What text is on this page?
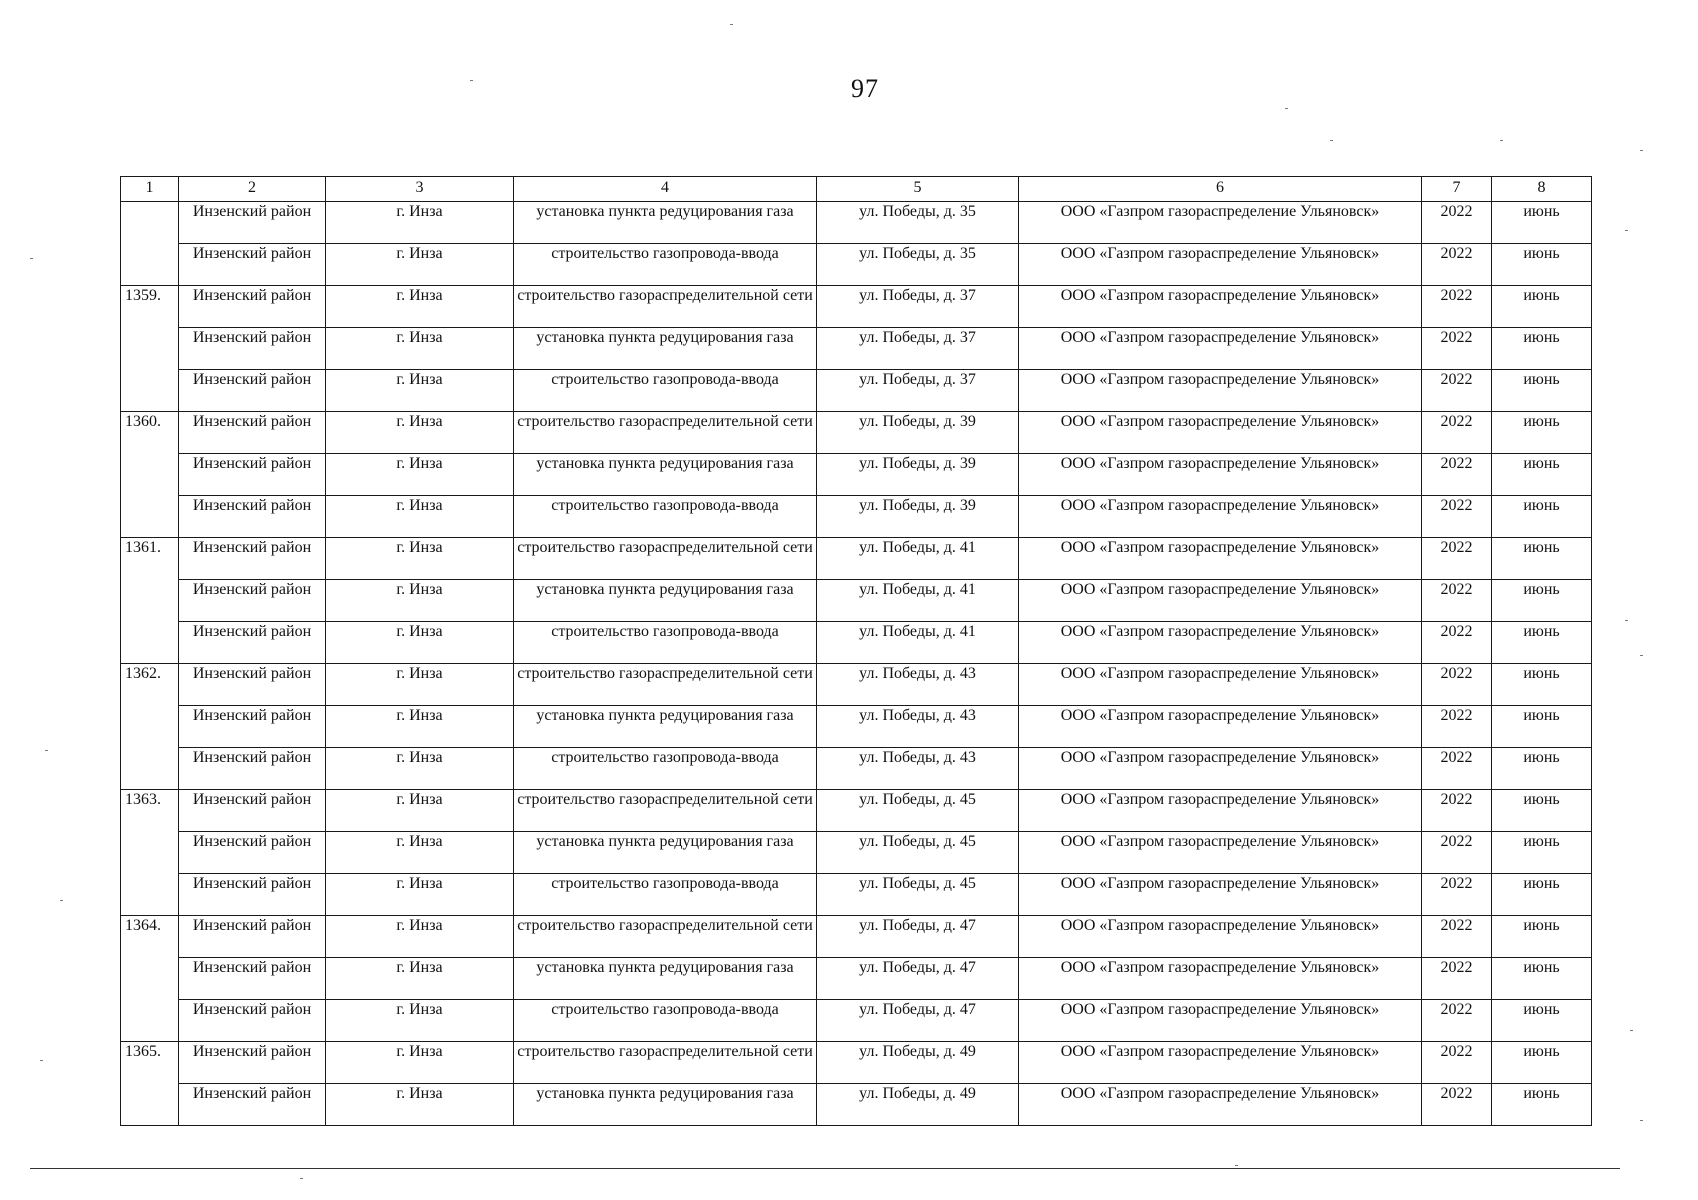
97
1	2	3	4	5	6	7	8
	Инзенский район	г. Инза	установка пункта редуцирования газа	ул. Победы, д. 35	ООО «Газпром газораспределение Ульяновск»	2022	июнь
	Инзенский район	г. Инза	строительство газопровода-ввода	ул. Победы, д. 35	ООО «Газпром газораспределение Ульяновск»	2022	июнь
1359.	Инзенский район	г. Инза	строительство газораспределительной сети	ул. Победы, д. 37	ООО «Газпром газораспределение Ульяновск»	2022	июнь
	Инзенский район	г. Инза	установка пункта редуцирования газа	ул. Победы, д. 37	ООО «Газпром газораспределение Ульяновск»	2022	июнь
	Инзенский район	г. Инза	строительство газопровода-ввода	ул. Победы, д. 37	ООО «Газпром газораспределение Ульяновск»	2022	июнь
1360.	Инзенский район	г. Инза	строительство газораспределительной сети	ул. Победы, д. 39	ООО «Газпром газораспределение Ульяновск»	2022	июнь
	Инзенский район	г. Инза	установка пункта редуцирования газа	ул. Победы, д. 39	ООО «Газпром газораспределение Ульяновск»	2022	июнь
	Инзенский район	г. Инза	строительство газопровода-ввода	ул. Победы, д. 39	ООО «Газпром газораспределение Ульяновск»	2022	июнь
1361.	Инзенский район	г. Инза	строительство газораспределительной сети	ул. Победы, д. 41	ООО «Газпром газораспределение Ульяновск»	2022	июнь
	Инзенский район	г. Инза	установка пункта редуцирования газа	ул. Победы, д. 41	ООО «Газпром газораспределение Ульяновск»	2022	июнь
	Инзенский район	г. Инза	строительство газопровода-ввода	ул. Победы, д. 41	ООО «Газпром газораспределение Ульяновск»	2022	июнь
1362.	Инзенский район	г. Инза	строительство газораспределительной сети	ул. Победы, д. 43	ООО «Газпром газораспределение Ульяновск»	2022	июнь
	Инзенский район	г. Инза	установка пункта редуцирования газа	ул. Победы, д. 43	ООО «Газпром газораспределение Ульяновск»	2022	июнь
	Инзенский район	г. Инза	строительство газопровода-ввода	ул. Победы, д. 43	ООО «Газпром газораспределение Ульяновск»	2022	июнь
1363.	Инзенский район	г. Инза	строительство газораспределительной сети	ул. Победы, д. 45	ООО «Газпром газораспределение Ульяновск»	2022	июнь
	Инзенский район	г. Инза	установка пункта редуцирования газа	ул. Победы, д. 45	ООО «Газпром газораспределение Ульяновск»	2022	июнь
	Инзенский район	г. Инза	строительство газопровода-ввода	ул. Победы, д. 45	ООО «Газпром газораспределение Ульяновск»	2022	июнь
1364.	Инзенский район	г. Инза	строительство газораспределительной сети	ул. Победы, д. 47	ООО «Газпром газораспределение Ульяновск»	2022	июнь
	Инзенский район	г. Инза	установка пункта редуцирования газа	ул. Победы, д. 47	ООО «Газпром газораспределение Ульяновск»	2022	июнь
	Инзенский район	г. Инза	строительство газопровода-ввода	ул. Победы, д. 47	ООО «Газпром газораспределение Ульяновск»	2022	июнь
1365.	Инзенский район	г. Инза	строительство газораспределительной сети	ул. Победы, д. 49	ООО «Газпром газораспределение Ульяновск»	2022	июнь
	Инзенский район	г. Инза	установка пункта редуцирования газа	ул. Победы, д. 49	ООО «Газпром газораспределение Ульяновск»	2022	июнь
